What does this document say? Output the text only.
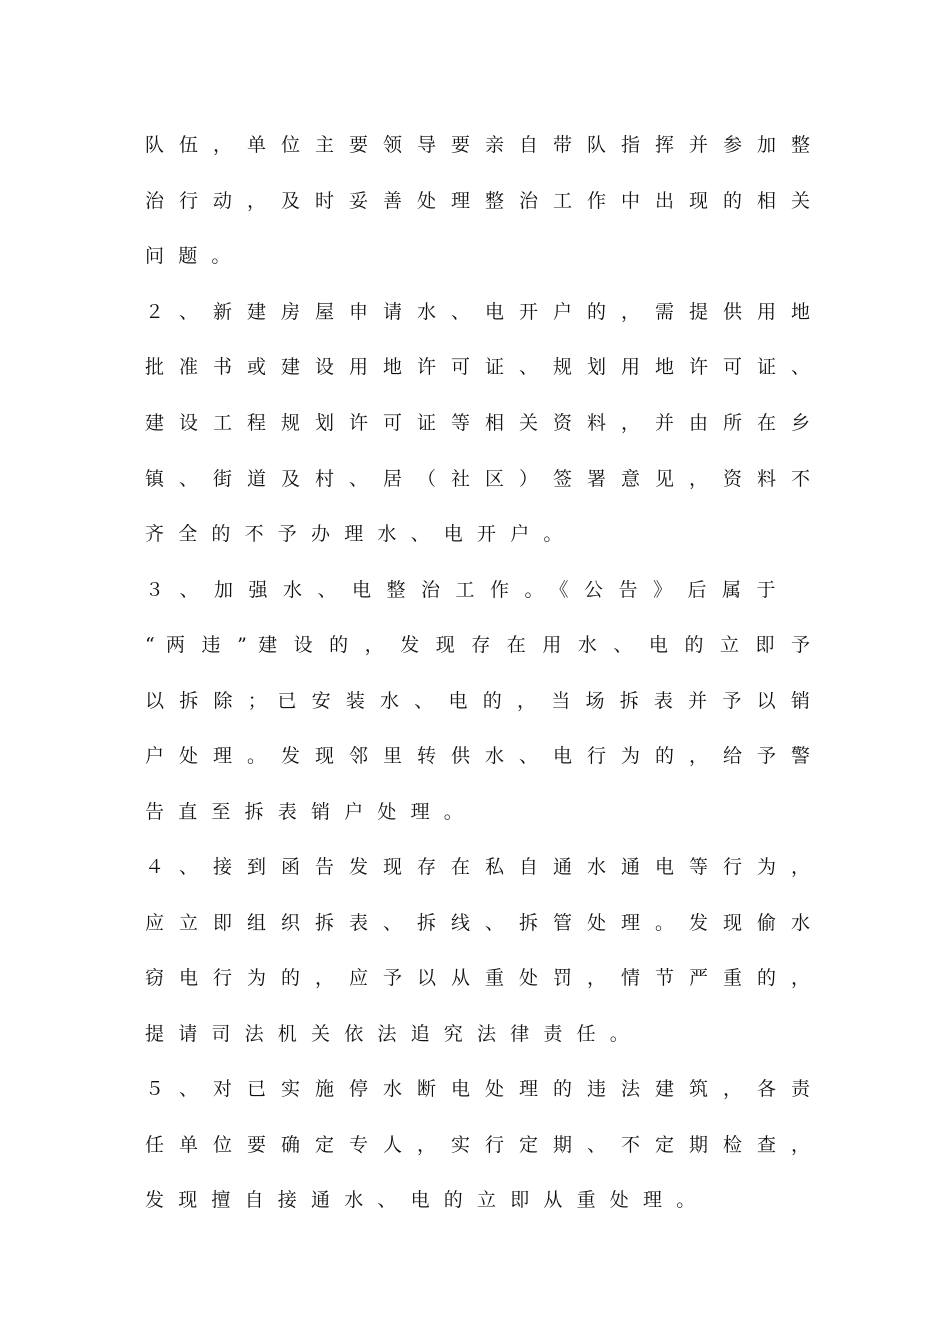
队 伍 ， 单 位 主 要 领 导 要 亲 自 带 队 指 挥 并 参 加 整
治 行 动 ， 及 时 妥 善 处 理 整 治 工 作 中 出 现 的 相 关
问题。
２ 、 新 建 房 屋 申 请 水 、 电 开 户 的 ， 需 提 供 用 地
批 准 书 或 建 设 用 地 许 可 证 、 规 划 用 地 许 可 证 、
建 设 工 程 规 划 许 可 证 等 相 关 资 料 ， 并 由 所 在 乡
镇 、 街 道 及 村 、 居 （ 社 区 ） 签 署 意 见 ， 资 料 不
齐全的不予办理水、电开户。
３、加强水、电整治工作。《公告》后属于
“ 两 违 ” 建 设 的 ， 发 现 存 在 用 水 、 电 的 立 即 予
以 拆 除 ； 已 安 装 水 、 电 的 ， 当 场 拆 表 并 予 以 销
户 处 理 。 发 现 邻 里 转 供 水 、 电 行 为 的 ， 给 予 警
告直至拆表销户处理。
４ 、 接 到 函 告 发 现 存 在 私 自 通 水 通 电 等 行 为 ，
应 立 即 组 织 拆 表 、 拆 线 、 拆 管 处 理 。 发 现 偷 水
窃 电 行 为 的 ， 应 予 以 从 重 处 罚 ， 情 节 严 重 的 ，
提请司法机关依法追究法律责任。
５ 、 对 已 实 施 停 水 断 电 处 理 的 违 法 建 筑 ， 各 责
任 单 位 要 确 定 专 人 ， 实 行 定 期 、 不 定 期 检 查 ，
发现擅自接通水、电的立即从重处理。
